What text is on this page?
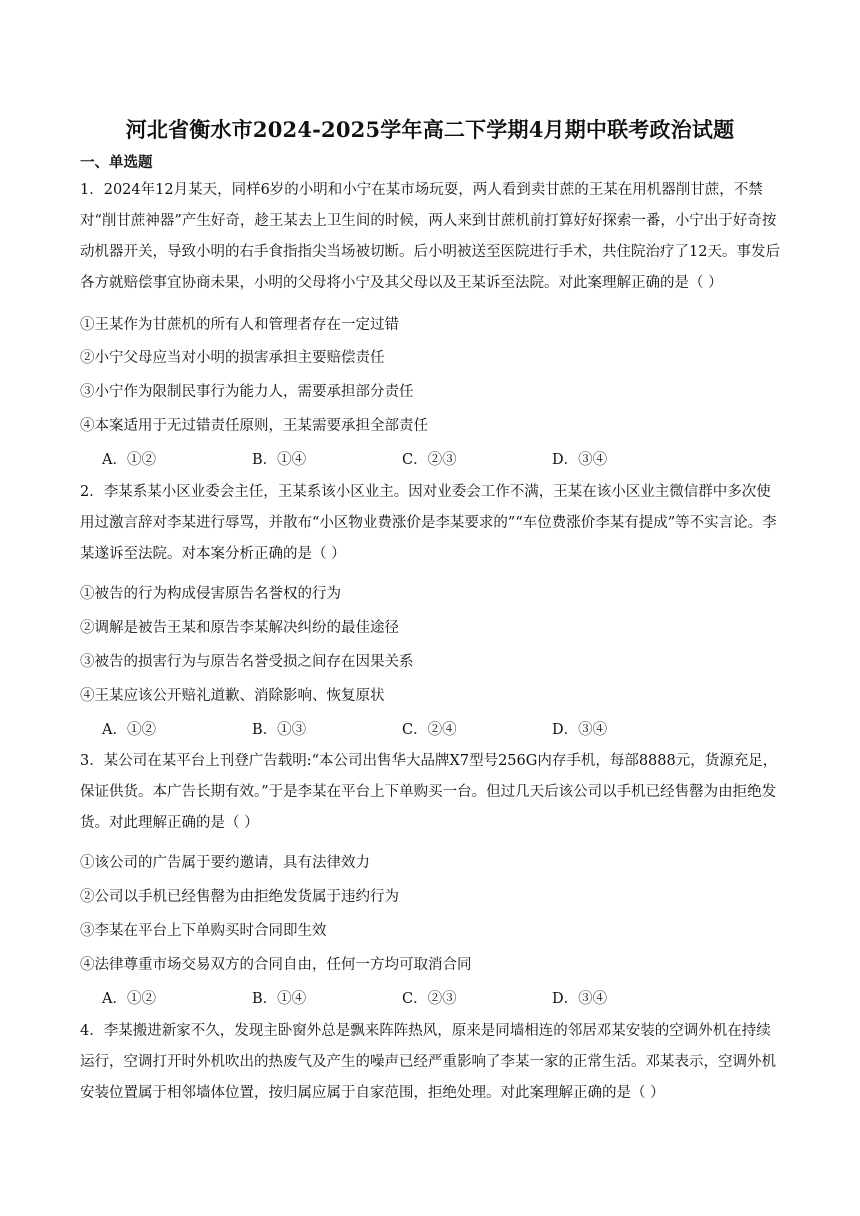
河北省衡水市2024-2025学年高二下学期4月期中联考政治试题
一、单选题

1．2024年12月某天，同样6岁的小明和小宁在某市场玩耍，两人看到卖甘蔗的王某在用机器削甘蔗，不禁对“削甘蔗神器”产生好奇，趁王某去上卫生间的时候，两人来到甘蔗机前打算好好探索一番，小宁出于好奇按动机器开关，导致小明的右手食指指尖当场被切断。后小明被送至医院进行手术，共住院治疗了12天。事发后各方就赔偿事宜协商未果，小明的父母将小宁及其父母以及王某诉至法院。对此案理解正确的是（ ）

①王某作为甘蔗机的所有人和管理者存在一定过错

②小宁父母应当对小明的损害承担主要赔偿责任

③小宁作为限制民事行为能力人，需要承担部分责任

④本案适用于无过错责任原则，王某需要承担全部责任

A．①②	B．①④	C．②③	D．③④

2．李某系某小区业委会主任，王某系该小区业主。因对业委会工作不满，王某在该小区业主微信群中多次使用过激言辞对李某进行辱骂，并散布“小区物业费涨价是李某要求的”“车位费涨价李某有提成”等不实言论。李某遂诉至法院。对本案分析正确的是（ ）

①被告的行为构成侵害原告名誉权的行为

②调解是被告王某和原告李某解决纠纷的最佳途径

③被告的损害行为与原告名誉受损之间存在因果关系

④王某应该公开赔礼道歉、消除影响、恢复原状

A．①②	B．①③	C．②④	D．③④

3．某公司在某平台上刊登广告载明:“本公司出售华大品牌X7型号256G内存手机，每部8888元，货源充足，保证供货。本广告长期有效。”于是李某在平台上下单购买一台。但过几天后该公司以手机已经售罄为由拒绝发货。对此理解正确的是（ ）

①该公司的广告属于要约邀请，具有法律效力

②公司以手机已经售罄为由拒绝发货属于违约行为

③李某在平台上下单购买时合同即生效

④法律尊重市场交易双方的合同自由，任何一方均可取消合同

A．①②	B．①④	C．②③	D．③④

4．李某搬进新家不久，发现主卧窗外总是飘来阵阵热风，原来是同墙相连的邻居邓某安装的空调外机在持续运行，空调打开时外机吹出的热废气及产生的噪声已经严重影响了李某一家的正常生活。邓某表示，空调外机安装位置属于相邻墙体位置，按归属应属于自家范围，拒绝处理。对此案理解正确的是（ ）
